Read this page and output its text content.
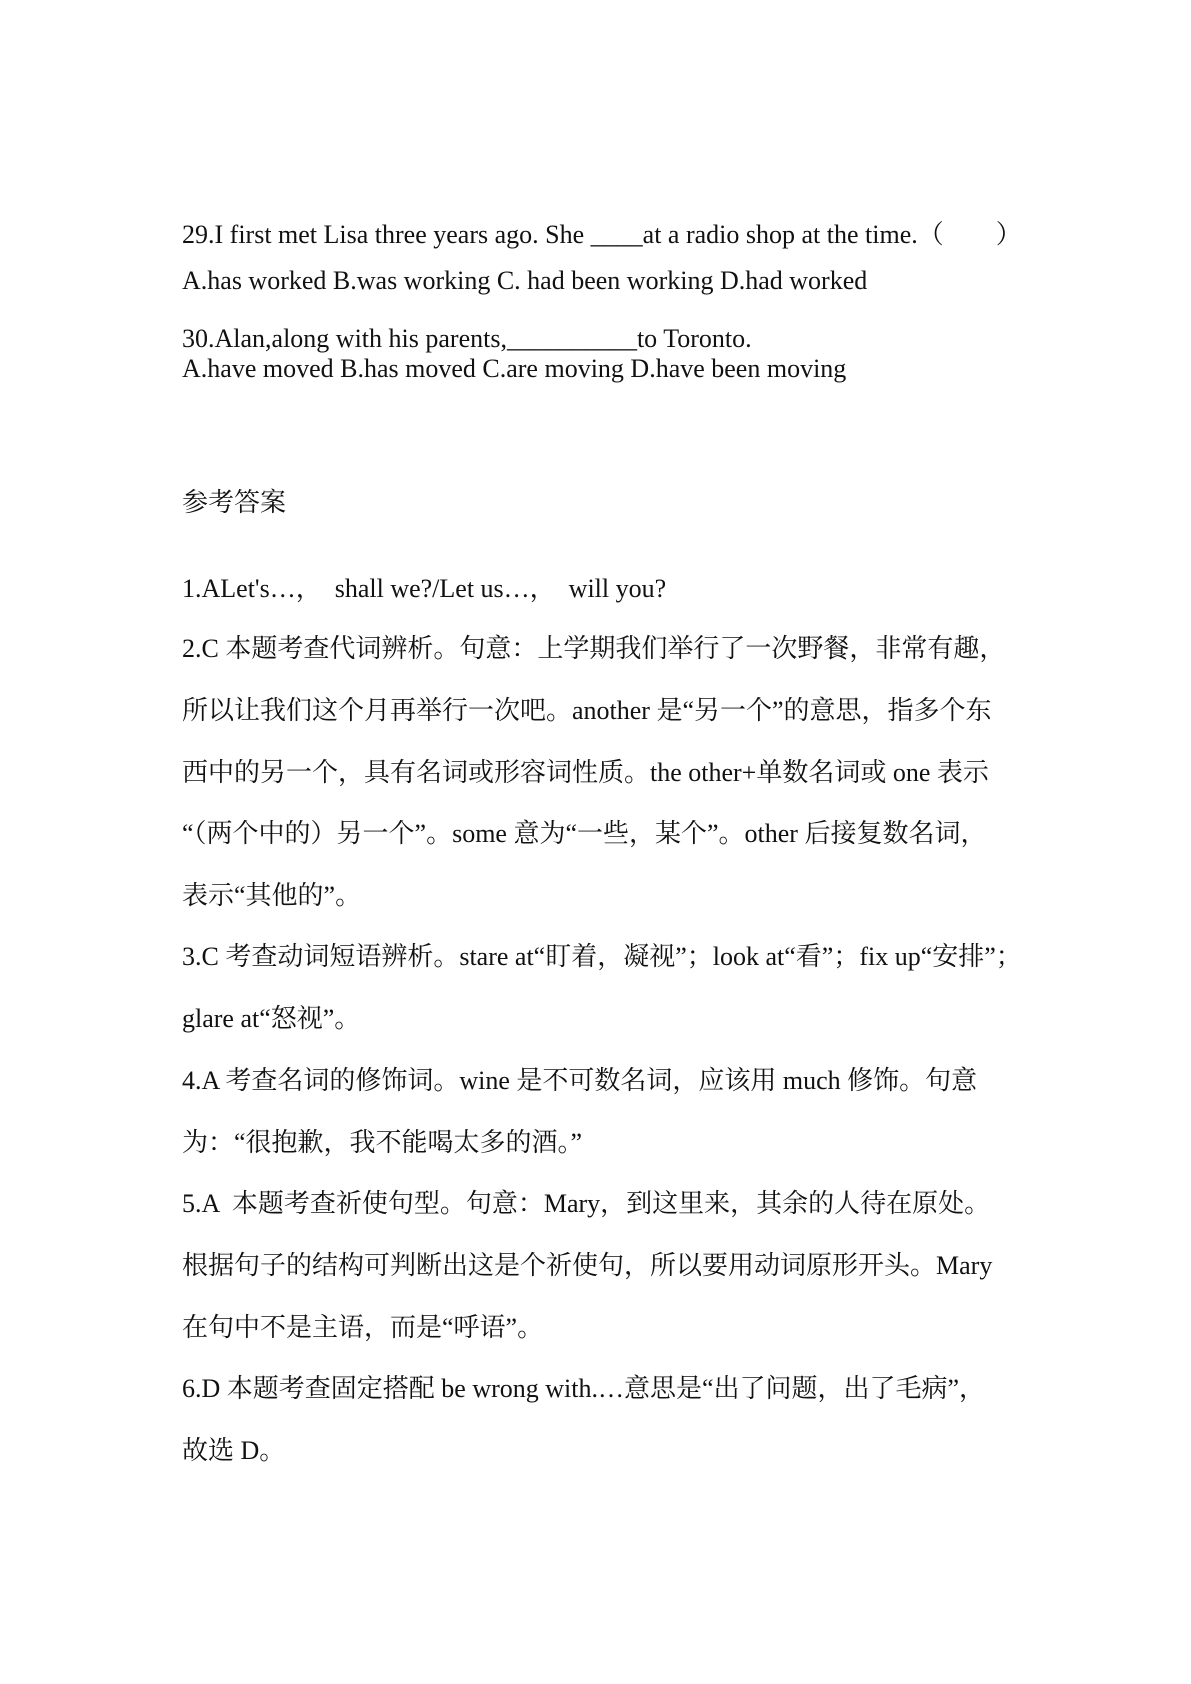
29.I first met Lisa three years ago. She ____at a radio shop at the time.（        ）
A.has worked B.was working C. had been working D.had worked
30.Alan,along with his parents,__________to Toronto.
A.have moved B.has moved C.are moving D.have been moving
参考答案
1.ALet's…，  shall we?/Let us…，  will you?
2.C 本题考查代词辨析。句意：上学期我们举行了一次野餐，非常有趣，
所以让我们这个月再举行一次吧。another 是“另一个”的意思，指多个东
西中的另一个，具有名词或形容词性质。the other+单数名词或 one 表示
“（两个中的）另一个”。some 意为“一些，某个”。other 后接复数名词，
表示“其他的”。
3.C 考查动词短语辨析。stare at“盯着，凝视”；look at“看”；fix up“安排”；
glare at“怒视”。
4.A 考查名词的修饰词。wine 是不可数名词，应该用 much 修饰。句意
为：“很抱歉，我不能喝太多的酒。”
5.A  本题考查祈使句型。句意：Mary，到这里来，其余的人待在原处。
根据句子的结构可判断出这是个祈使句，所以要用动词原形开头。Mary
在句中不是主语，而是“呼语”。
6.D 本题考查固定搭配 be wrong with.…意思是“出了问题，出了毛病”，
故选 D。
